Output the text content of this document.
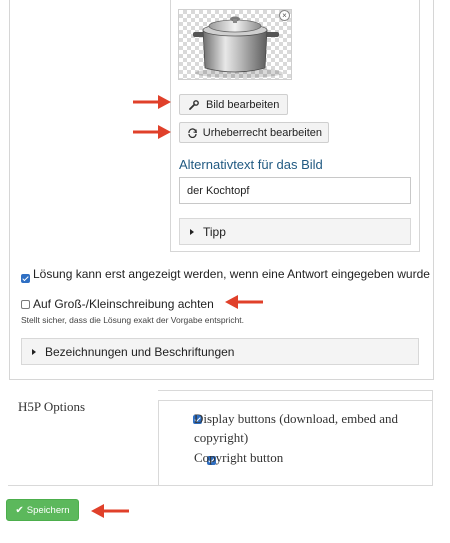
×
Bild bearbeiten
Urheberrecht bearbeiten
Alternativtext für das Bild
der Kochtopf
Tipp

Lösung kann erst angezeigt werden, wenn eine Antwort eingegeben wurde
Auf Groß-/Kleinschreibung achten
Stellt sicher, dass die Lösung exakt der Vorgabe entspricht.
Bezeichnungen und Beschriftungen
H5P Options

Display buttons (download, embed and
copyright)
Copyright button
✔ Speichern
